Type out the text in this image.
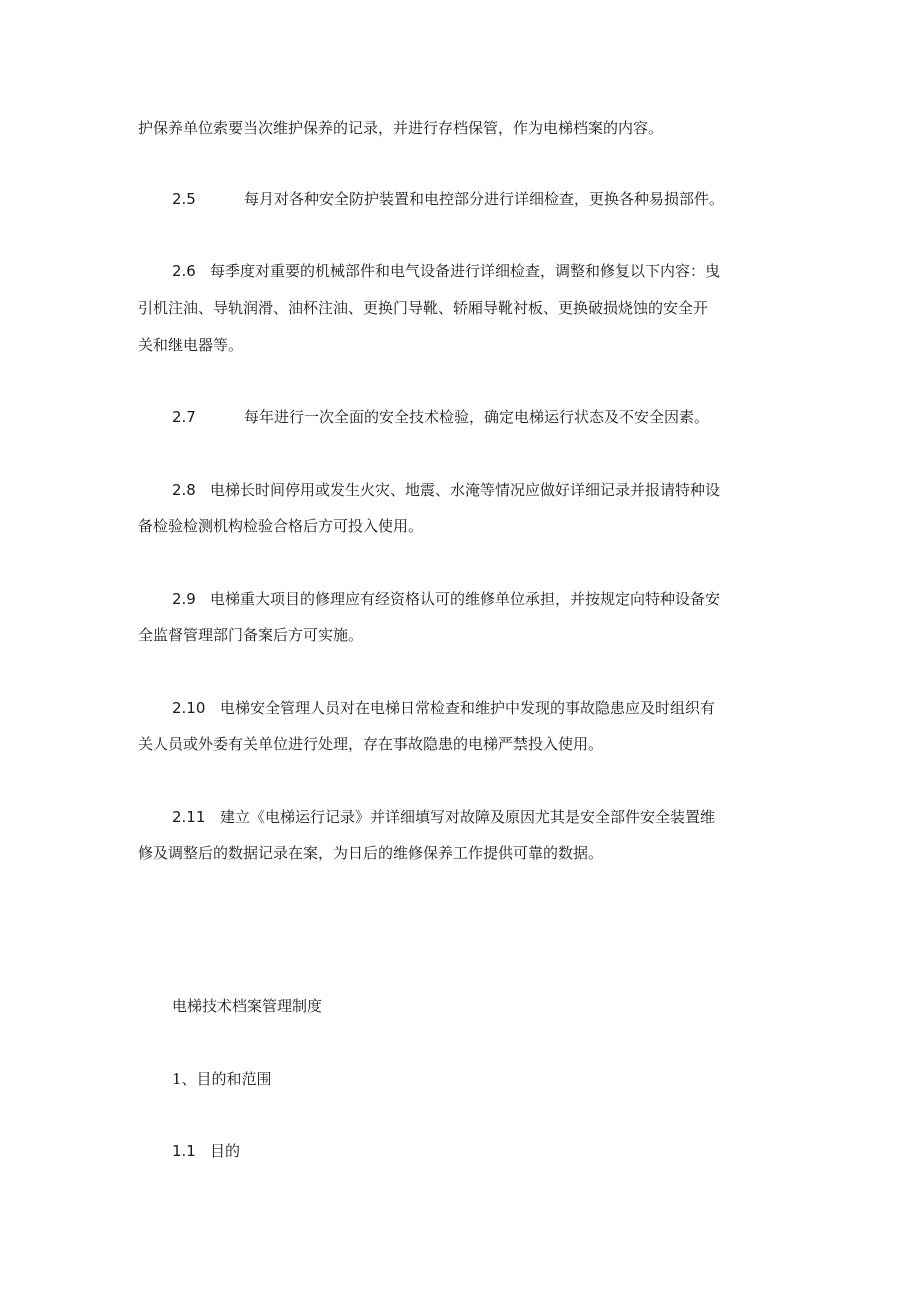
护保养单位索要当次维护保养的记录，并进行存档保管，作为电梯档案的内容。
2.5	每月对各种安全防护装置和电控部分进行详细检查，更换各种易损部件。
2.6 每季度对重要的机械部件和电气设备进行详细检查，调整和修复以下内容：曳
引机注油、导轨润滑、油杯注油、更换门导靴、轿厢导靴衬板、更换破损烧蚀的安全开
关和继电器等。
2.7	每年进行一次全面的安全技术检验，确定电梯运行状态及不安全因素。
2.8 电梯长时间停用或发生火灾、地震、水淹等情况应做好详细记录并报请特种设
备检验检测机构检验合格后方可投入使用。
2.9 电梯重大项目的修理应有经资格认可的维修单位承担，并按规定向特种设备安
全监督管理部门备案后方可实施。
2.10 电梯安全管理人员对在电梯日常检查和维护中发现的事故隐患应及时组织有
关人员或外委有关单位进行处理，存在事故隐患的电梯严禁投入使用。
2.11 建立《电梯运行记录》并详细填写对故障及原因尤其是安全部件安全装置维
修及调整后的数据记录在案，为日后的维修保养工作提供可靠的数据。
电梯技术档案管理制度
1、目的和范围
1.1 目的
